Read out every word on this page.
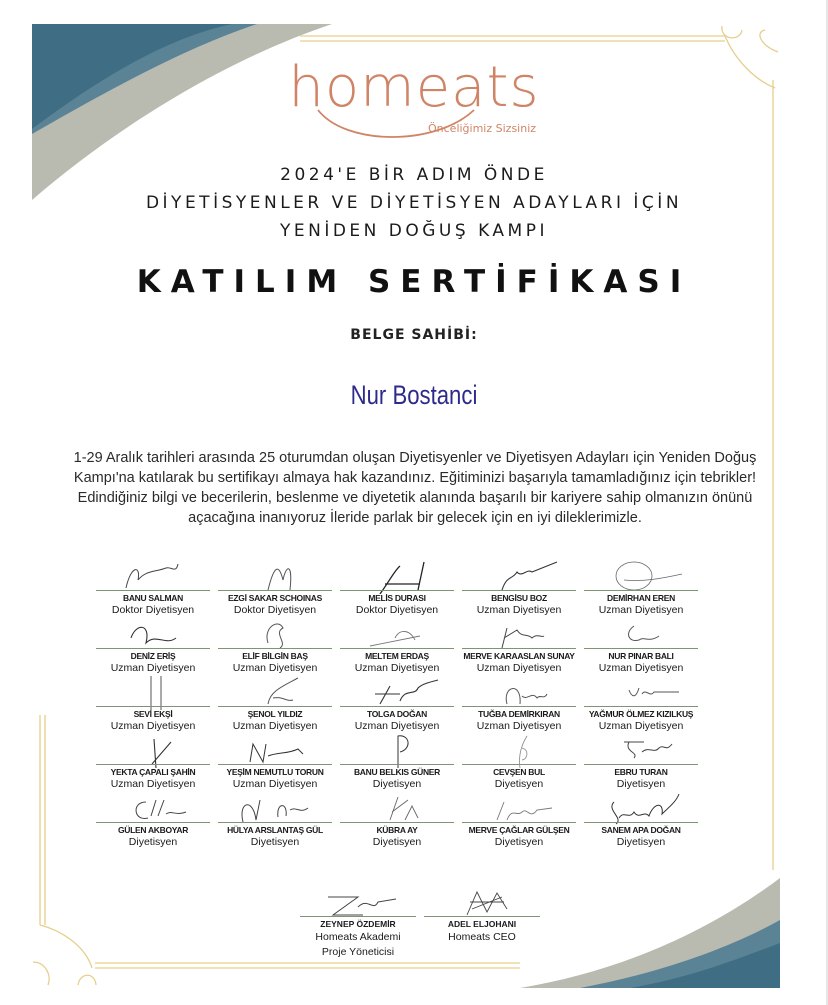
homeats
Önceliğimiz Sizsiniz
2024'E BİR ADIM ÖNDE
DİYETİSYENLER VE DİYETİSYEN ADAYLARI İÇİN
YENİDEN DOĞUŞ KAMPI
KATILIM SERTİFİKASI
BELGE SAHİBİ:
Nur Bostanci
1-29 Aralık tarihleri arasında 25 oturumdan oluşan Diyetisyenler ve Diyetisyen Adayları için Yeniden Doğuş Kampı'na katılarak bu sertifikayı almaya hak kazandınız. Eğitiminizi başarıyla tamamladığınız için tebrikler! Edindiğiniz bilgi ve becerilerin, beslenme ve diyetetik alanında başarılı bir kariyere sahip olmanızın önünü açacağına inanıyoruz İleride parlak bir gelecek için en iyi dileklerimizle.
BANU SALMAN
Doktor Diyetisyen
EZGİ SAKAR SCHOINAS
Doktor Diyetisyen
MELİS DURASI
Doktor Diyetisyen
BENGİSU BOZ
Uzman Diyetisyen
DEMİRHAN EREN
Uzman Diyetisyen
DENİZ ERİŞ
Uzman Diyetisyen
ELİF BİLGİN BAŞ
Uzman Diyetisyen
MELTEM ERDAŞ
Uzman Diyetisyen
MERVE KARAASLAN SUNAY
Uzman Diyetisyen
NUR PINAR BALI
Uzman Diyetisyen
SEVİ EKŞİ
Uzman Diyetisyen
ŞENOL YILDIZ
Uzman Diyetisyen
TOLGA DOĞAN
Uzman Diyetisyen
TUĞBA DEMİRKIRAN
Uzman Diyetisyen
YAĞMUR ÖLMEZ KIZILKUŞ
Uzman Diyetisyen
YEKTA ÇAPALI ŞAHİN
Uzman Diyetisyen
YEŞİM NEMUTLU TORUN
Uzman Diyetisyen
BANU BELKIS GÜNER
Diyetisyen
CEVŞEN BUL
Diyetisyen
EBRU TURAN
Diyetisyen
GÜLEN AKBOYAR
Diyetisyen
HÜLYA ARSLANTAŞ GÜL
Diyetisyen
KÜBRA AY
Diyetisyen
MERVE ÇAĞLAR GÜLŞEN
Diyetisyen
SANEM APA DOĞAN
Diyetisyen
ZEYNEP ÖZDEMİR
Homeats Akademi
Proje Yöneticisi
ADEL ELJOHANI
Homeats CEO
